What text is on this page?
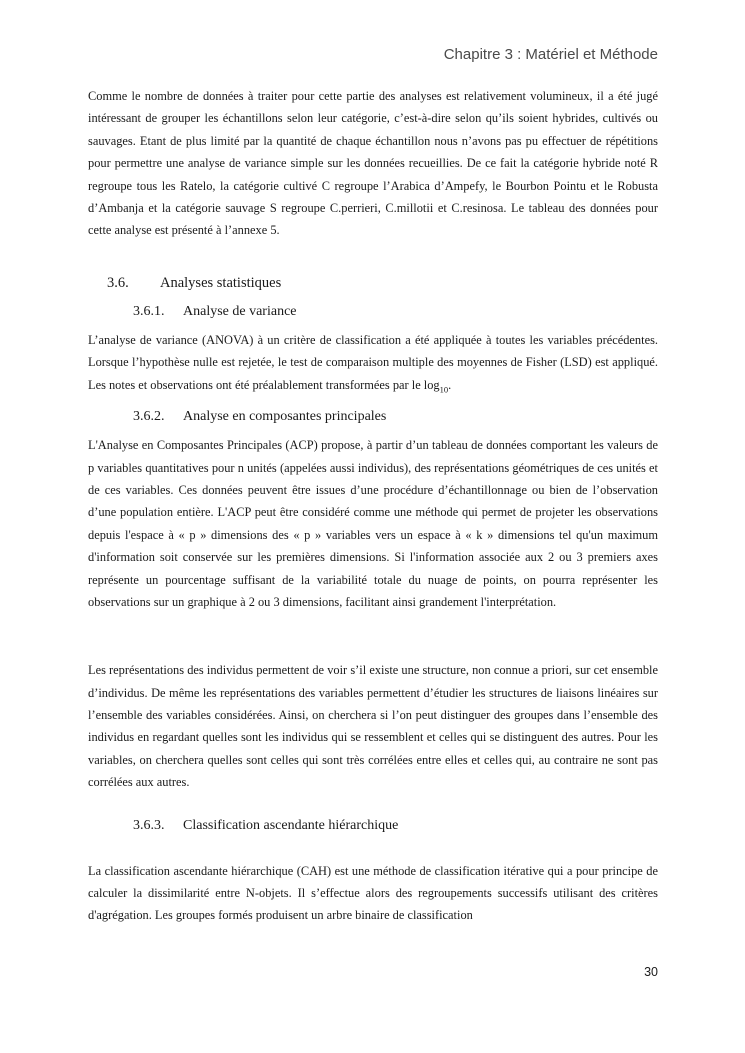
Chapitre 3 : Matériel et Méthode

Comme le nombre de données à traiter pour cette partie des analyses est relativement volumineux, il a été jugé intéressant de grouper les échantillons selon leur catégorie, c’est-à-dire selon qu’ils soient hybrides, cultivés ou sauvages. Etant de plus limité par la quantité de chaque échantillon nous n’avons pas pu effectuer de répétitions pour permettre une analyse de variance simple sur les données recueillies. De ce fait la catégorie hybride noté R regroupe tous les Ratelo, la catégorie cultivé C regroupe l’Arabica d’Ampefy, le Bourbon Pointu et le Robusta d’Ambanja et la catégorie sauvage S regroupe C.perrieri, C.millotii et C.resinosa. Le tableau des données pour cette analyse est présenté à l’annexe 5.

3.6. Analyses statistiques
3.6.1. Analyse de variance

L’analyse de variance (ANOVA) à un critère de classification a été appliquée à toutes les variables précédentes. Lorsque l’hypothèse nulle est rejetée, le test de comparaison multiple des moyennes de Fisher (LSD) est appliqué. Les notes et observations ont été préalablement transformées par le $\log_{10}$.

3.6.2. Analyse en composantes principales

L'Analyse en Composantes Principales (ACP) propose, à partir d’un tableau de données comportant les valeurs de p variables quantitatives pour n unités (appelées aussi individus), des représentations géométriques de ces unités et de ces variables. Ces données peuvent être issues d’une procédure d’échantillonnage ou bien de l’observation d’une population entière. L'ACP peut être considéré comme une méthode qui permet de projeter les observations depuis l'espace à « p » dimensions des « p » variables vers un espace à « k » dimensions tel qu'un maximum d'information soit conservée sur les premières dimensions. Si l'information associée aux 2 ou 3 premiers axes représente un pourcentage suffisant de la variabilité totale du nuage de points, on pourra représenter les observations sur un graphique à 2 ou 3 dimensions, facilitant ainsi grandement l'interprétation.

Les représentations des individus permettent de voir s’il existe une structure, non connue a priori, sur cet ensemble d’individus. De même les représentations des variables permettent d’étudier les structures de liaisons linéaires sur l’ensemble des variables considérées. Ainsi, on cherchera si l’on peut distinguer des groupes dans l’ensemble des individus en regardant quelles sont les individus qui se ressemblent et celles qui se distinguent des autres. Pour les variables, on cherchera quelles sont celles qui sont très corrélées entre elles et celles qui, au contraire ne sont pas corrélées aux autres.

3.6.3. Classification ascendante hiérarchique

La classification ascendante hiérarchique (CAH) est une méthode de classification itérative qui a pour principe de calculer la dissimilarité entre N-objets. Il s’effectue alors des regroupements successifs utilisant des critères d'agrégation. Les groupes formés produisent un arbre binaire de classification

30
